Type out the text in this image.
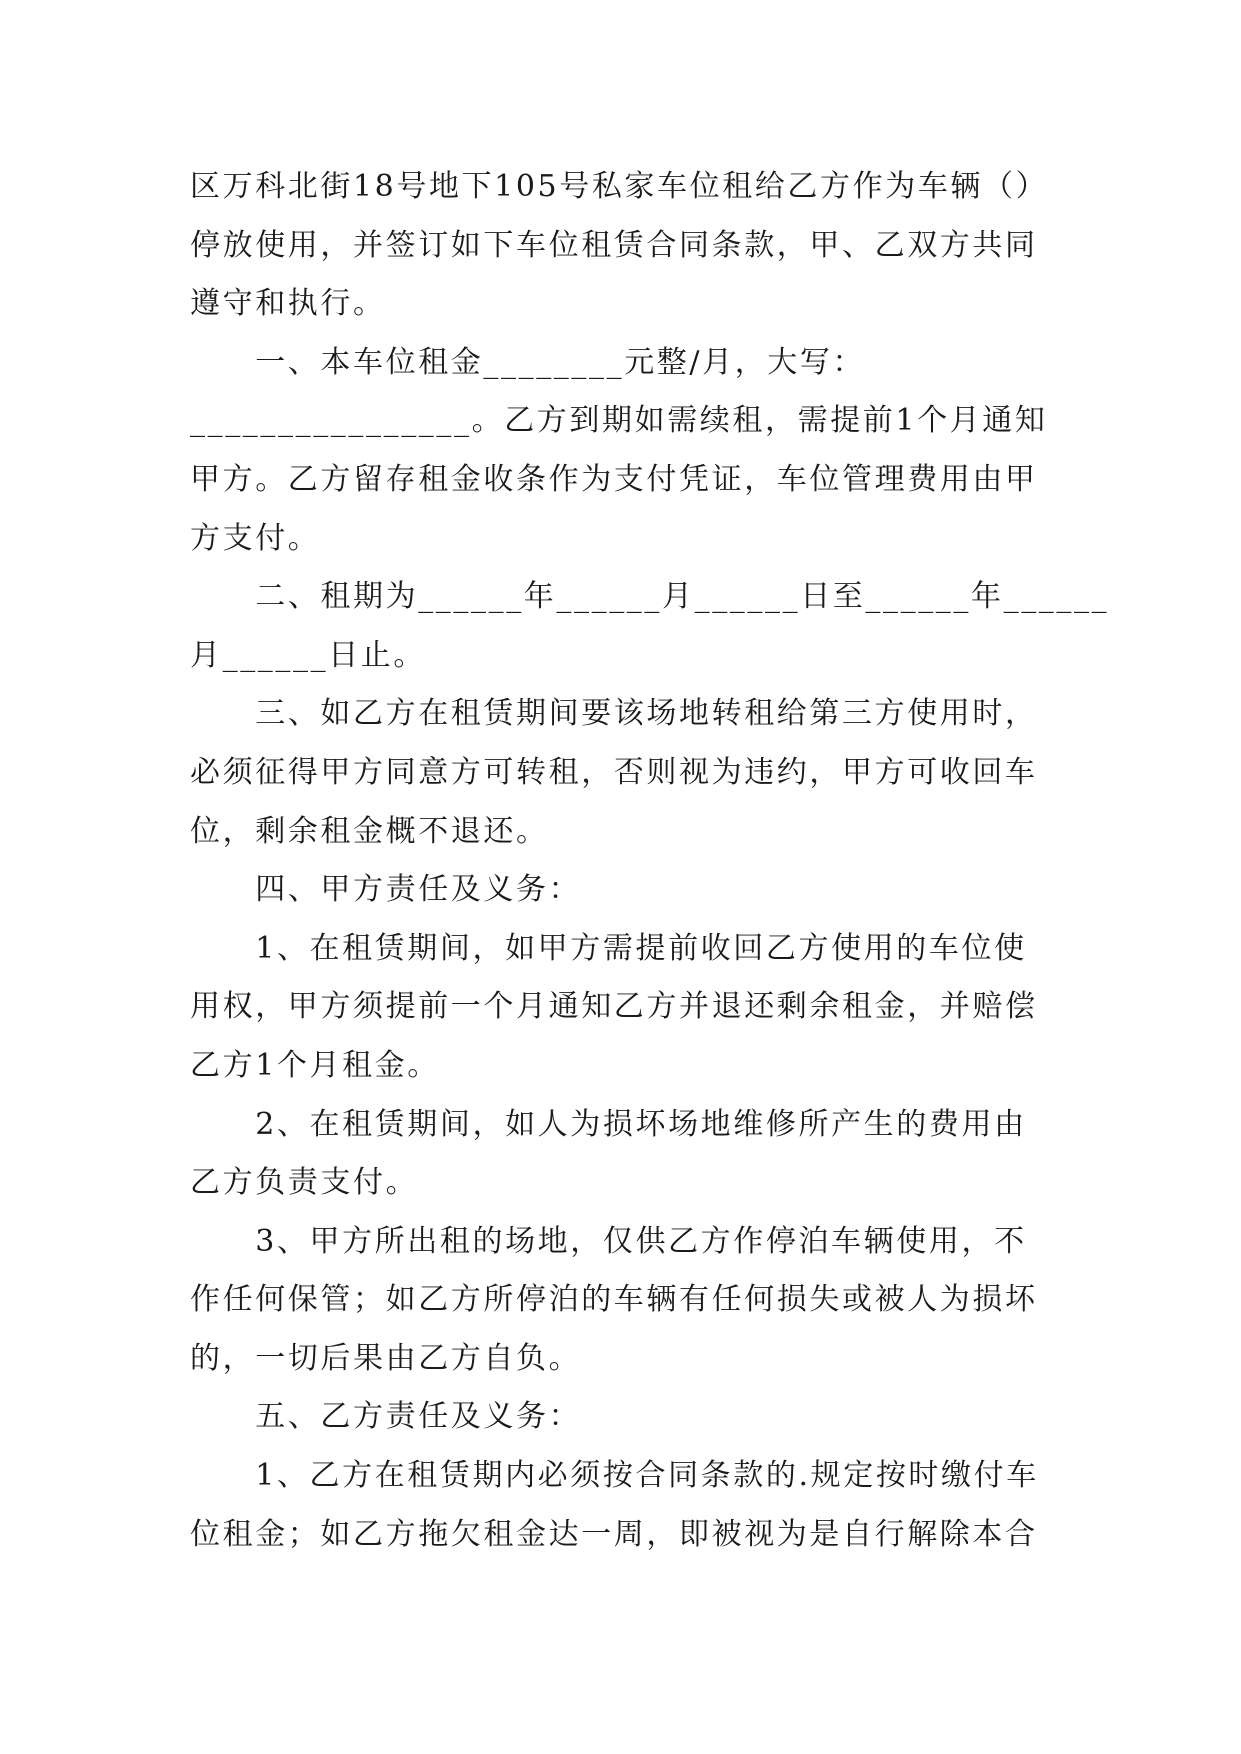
区万科北街18号地下105号私家车位租给乙方作为车辆（）
停放使用，并签订如下车位租赁合同条款，甲、乙双方共同
遵守和执行。
　　一、本车位租金________元整/月，大写：
________________。乙方到期如需续租，需提前1个月通知
甲方。乙方留存租金收条作为支付凭证，车位管理费用由甲
方支付。
　　二、租期为______年______月______日至______年______
月______日止。
　　三、如乙方在租赁期间要该场地转租给第三方使用时，
必须征得甲方同意方可转租，否则视为违约，甲方可收回车
位，剩余租金概不退还。
　　四、甲方责任及义务：
　　1、在租赁期间，如甲方需提前收回乙方使用的车位使
用权，甲方须提前一个月通知乙方并退还剩余租金，并赔偿
乙方1个月租金。
　　2、在租赁期间，如人为损坏场地维修所产生的费用由
乙方负责支付。
　　3、甲方所出租的场地，仅供乙方作停泊车辆使用，不
作任何保管；如乙方所停泊的车辆有任何损失或被人为损坏
的，一切后果由乙方自负。
　　五、乙方责任及义务：
　　1、乙方在租赁期内必须按合同条款的.规定按时缴付车
位租金；如乙方拖欠租金达一周，即被视为是自行解除本合
